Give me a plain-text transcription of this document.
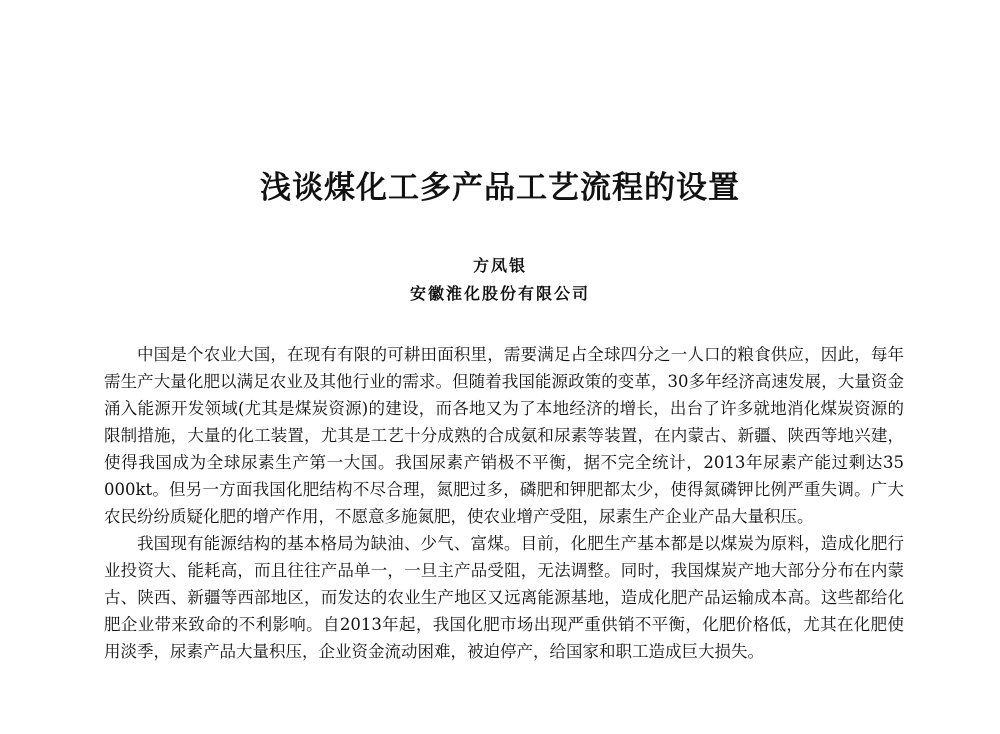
浅谈煤化工多产品工艺流程的设置
方凤银
安徽淮化股份有限公司

中国是个农业大国，在现有有限的可耕田面积里，需要满足占全球四分之一人口的粮食供应，因此，每年需生产大量化肥以满足农业及其他行业的需求。但随着我国能源政策的变革，30多年经济高速发展，大量资金涌入能源开发领域(尤其是煤炭资源)的建设，而各地又为了本地经济的增长，出台了许多就地消化煤炭资源的限制措施，大量的化工装置，尤其是工艺十分成熟的合成氨和尿素等装置，在内蒙古、新疆、陕西等地兴建，使得我国成为全球尿素生产第一大国。我国尿素产销极不平衡，据不完全统计，2013年尿素产能过剩达35 000kt。但另一方面我国化肥结构不尽合理，氮肥过多，磷肥和钾肥都太少，使得氮磷钾比例严重失调。广大农民纷纷质疑化肥的增产作用，不愿意多施氮肥，使农业增产受阻，尿素生产企业产品大量积压。

我国现有能源结构的基本格局为缺油、少气、富煤。目前，化肥生产基本都是以煤炭为原料，造成化肥行业投资大、能耗高，而且往往产品单一，一旦主产品受阻，无法调整。同时，我国煤炭产地大部分分布在内蒙古、陕西、新疆等西部地区，而发达的农业生产地区又远离能源基地，造成化肥产品运输成本高。这些都给化肥企业带来致命的不利影响。自2013年起，我国化肥市场出现严重供销不平衡，化肥价格低，尤其在化肥使用淡季，尿素产品大量积压，企业资金流动困难，被迫停产，给国家和职工造成巨大损失。
